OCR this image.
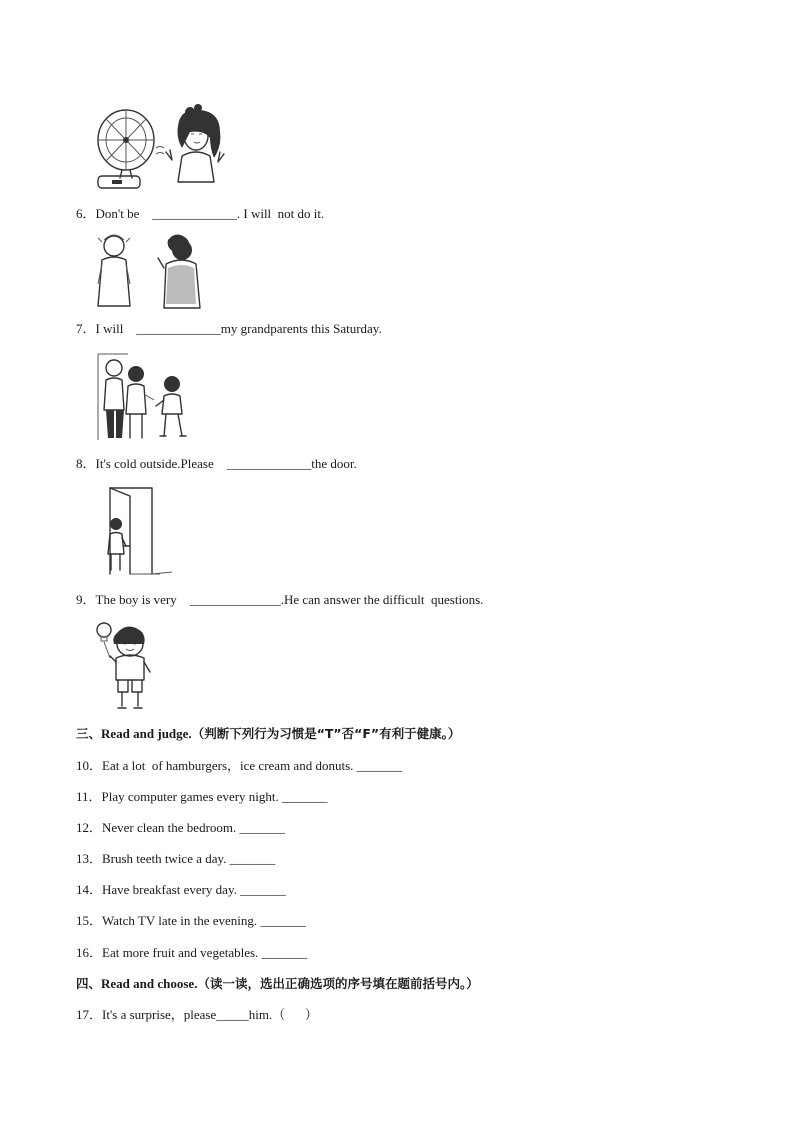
6．Don't be    _____________. I will  not do it.
7．I will    _____________my grandparents this Saturday.
8．It's cold outside.Please    _____________the door.
9．The boy is very    ______________.He can answer the difficult  questions.
三、Read and judge.（判断下列行为习惯是“T”否“F”有利于健康。）
10．Eat a lot  of hamburgers，ice cream and donuts. _______
11．Play computer games every night. _______
12．Never clean the bedroom. _______
13．Brush teeth twice a day. _______
14．Have breakfast every day. _______
15．Watch TV late in the evening. _______
16．Eat more fruit and vegetables. _______
四、Read and choose.（读一读，选出正确选项的序号填在题前括号内。）
17．It's a surprise，please_____him.（      ）
